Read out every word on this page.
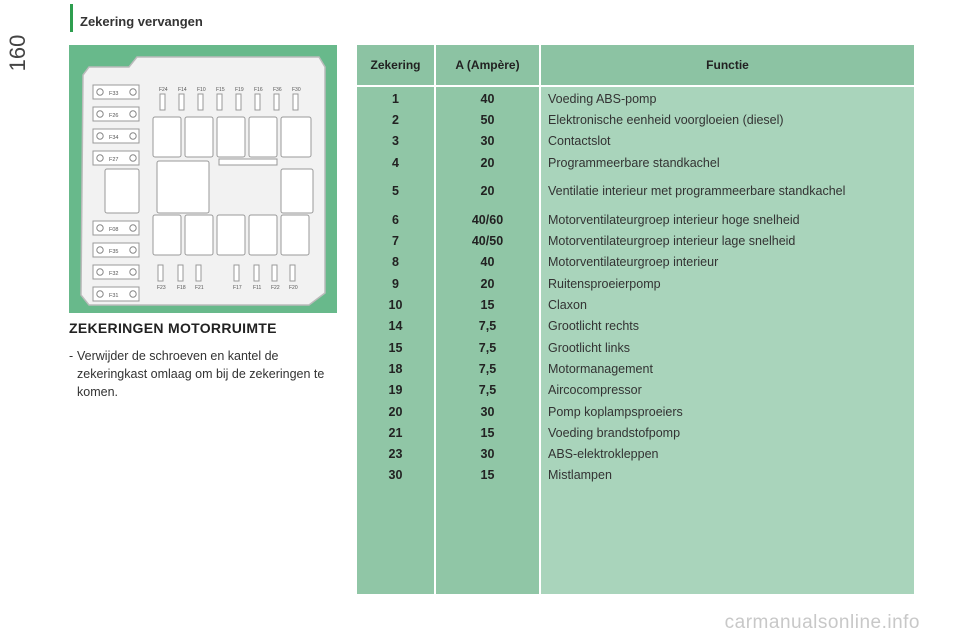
Zekering vervangen
160
F33
F26
F34
F27
F08
F35
F32
F31
F24 F14 F10 F15 F19 F16 F36 F30
F23 F18 F21	F17 F11 F22 F20
ZEKERINGEN MOTORRUIMTE
- Verwijder de schroeven en kantel de
zekeringkast omlaag om bij de zekeringen te komen.
Zekering	A (Ampère)	Functie
1	40	Voeding ABS-pomp
2	50	Elektronische eenheid voorgloeien (diesel)
3	30	Contactslot
4	20	Programmeerbare standkachel
5	20	Ventilatie interieur met programmeerbare standkachel
6	40/60	Motorventilateurgroep interieur hoge snelheid
7	40/50	Motorventilateurgroep interieur lage snelheid
8	40	Motorventilateurgroep interieur
9	20	Ruitensproeierpomp
10	15	Claxon
14	7,5	Grootlicht rechts
15	7,5	Grootlicht links
18	7,5	Motormanagement
19	7,5	Aircocompressor
20	30	Pomp koplampsproeiers
21	15	Voeding brandstofpomp
23	30	ABS-elektrokleppen
30	15	Mistlampen
carmanualsonline.info
